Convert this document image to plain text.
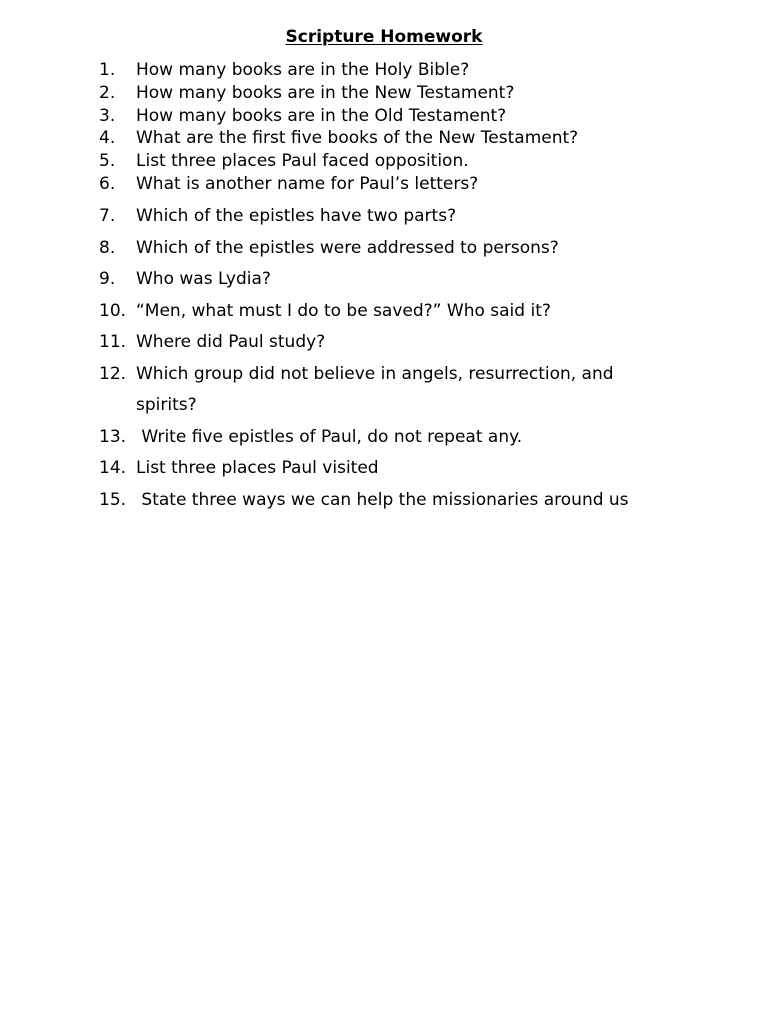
Scripture Homework
1. How many books are in the Holy Bible?
2. How many books are in the New Testament?
3. How many books are in the Old Testament?
4. What are the first five books of the New Testament?
5. List three places Paul faced opposition.
6. What is another name for Paul’s letters?
7. Which of the epistles have two parts?
8. Which of the epistles were addressed to persons?
9. Who was Lydia?
10. “Men, what must I do to be saved?” Who said it?
11. Where did Paul study?
12. Which group did not believe in angels, resurrection, and spirits?
13. Write five epistles of Paul, do not repeat any.
14. List three places Paul visited
15. State three ways we can help the missionaries around us
